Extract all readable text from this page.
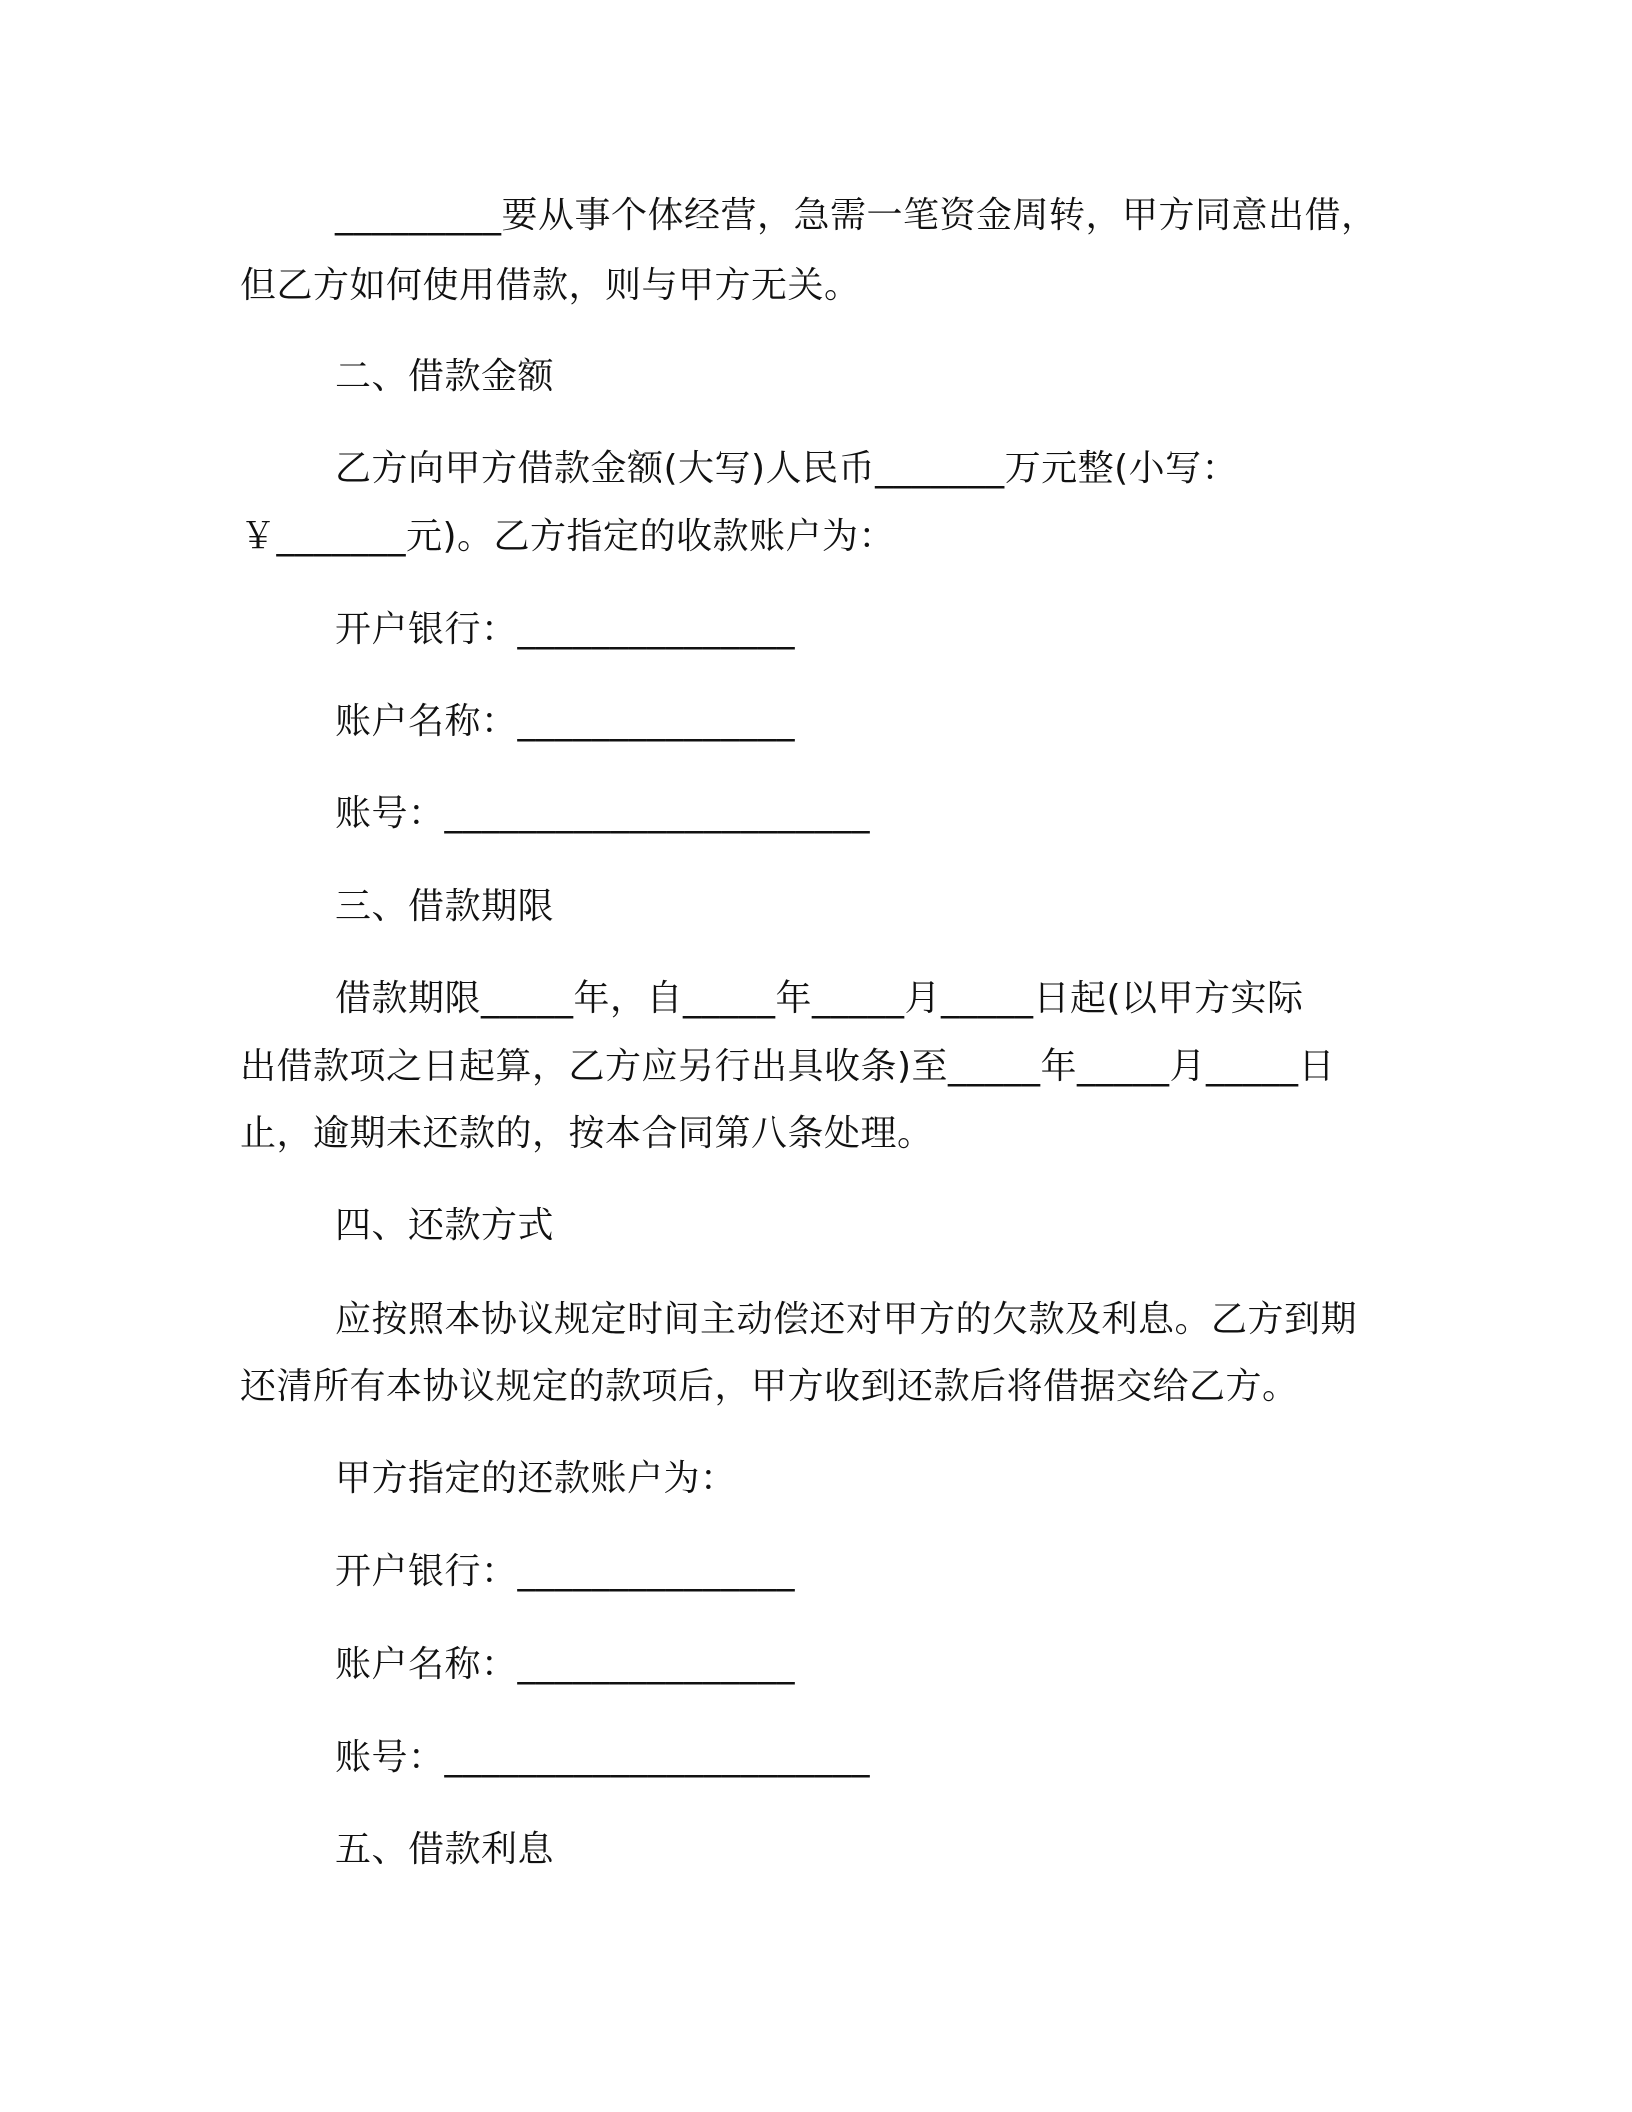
_________要从事个体经营，急需一笔资金周转，甲方同意出借，
但乙方如何使用借款，则与甲方无关。
二、借款金额
乙方向甲方借款金额(大写)人民币_______万元整(小写：
￥_______元)。乙方指定的收款账户为：
开户银行：_______________
账户名称：_______________
账号：_______________________
三、借款期限
借款期限_____年，自_____年_____月_____日起(以甲方实际
出借款项之日起算，乙方应另行出具收条)至_____年_____月_____日
止，逾期未还款的，按本合同第八条处理。
四、还款方式
应按照本协议规定时间主动偿还对甲方的欠款及利息。乙方到期
还清所有本协议规定的款项后，甲方收到还款后将借据交给乙方。
甲方指定的还款账户为：
开户银行：_______________
账户名称：_______________
账号：_______________________
五、借款利息
